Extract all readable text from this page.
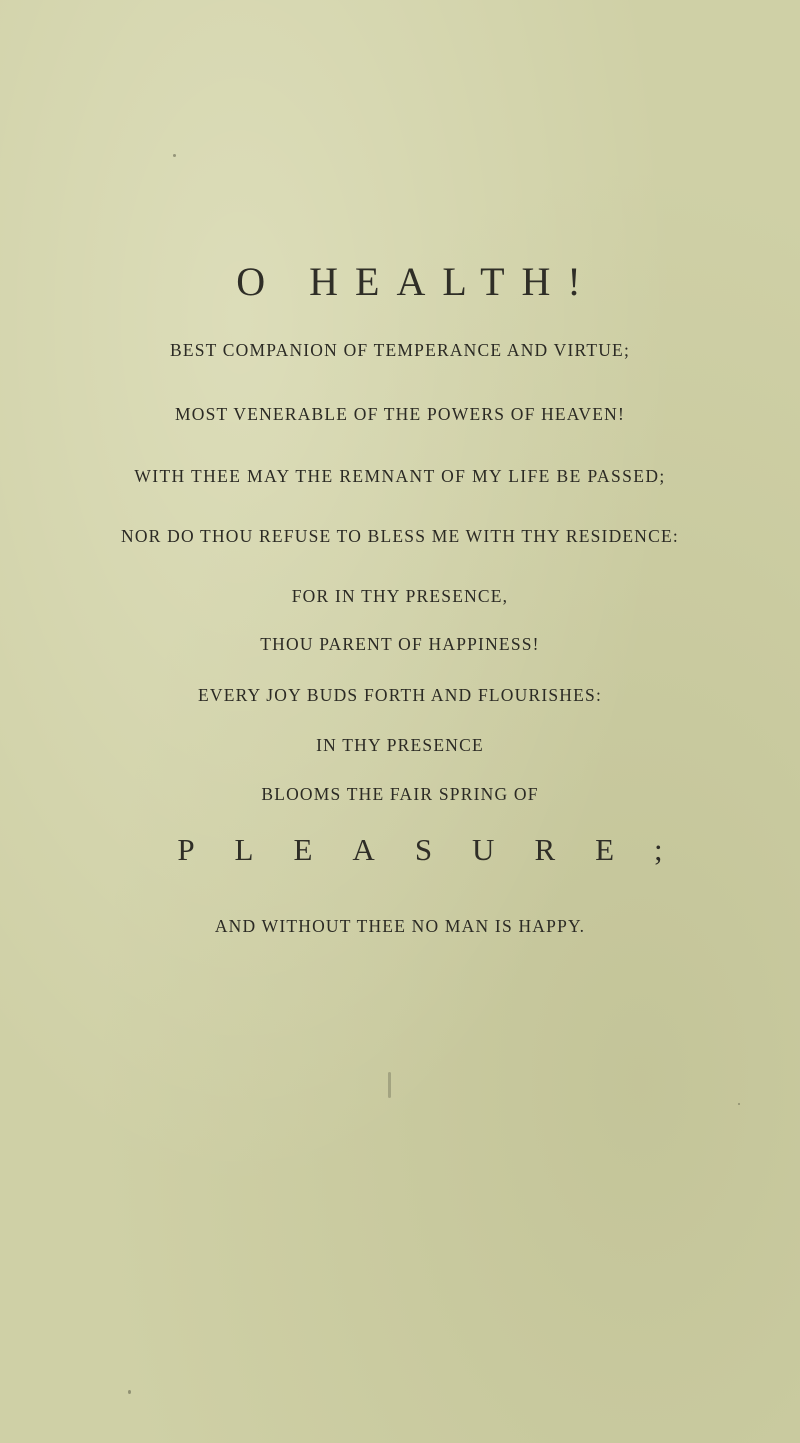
O HEALTH!
BEST COMPANION OF TEMPERANCE AND VIRTUE;
MOST VENERABLE OF THE POWERS OF HEAVEN!
WITH THEE MAY THE REMNANT OF MY LIFE BE PASSED;
NOR DO THOU REFUSE TO BLESS ME WITH THY RESIDENCE:
FOR IN THY PRESENCE,
THOU PARENT OF HAPPINESS!
EVERY JOY BUDS FORTH AND FLOURISHES:
IN THY PRESENCE
BLOOMS THE FAIR SPRING OF
PLEASURE;
AND WITHOUT THEE NO MAN IS HAPPY.
